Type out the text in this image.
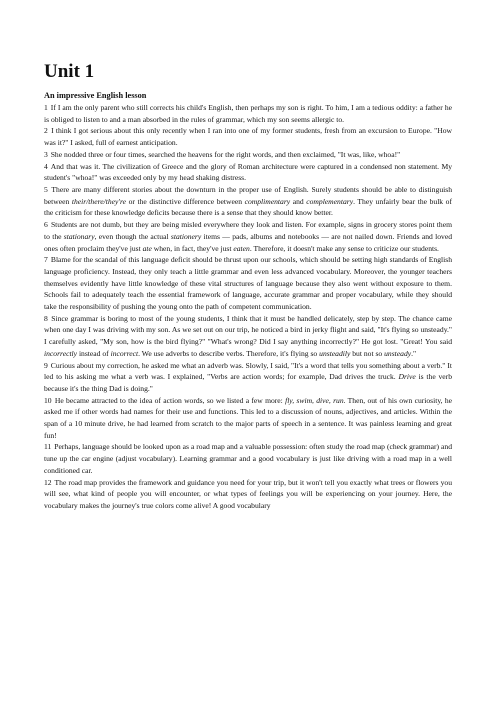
Unit 1
An impressive English lesson

1 If I am the only parent who still corrects his child's English, then perhaps my son is right. To him, I am a tedious oddity: a father he is obliged to listen to and a man absorbed in the rules of grammar, which my son seems allergic to.

2 I think I got serious about this only recently when I ran into one of my former students, fresh from an excursion to Europe. "How was it?" I asked, full of earnest anticipation.

3 She nodded three or four times, searched the heavens for the right words, and then exclaimed, "It was, like, whoa!"

4 And that was it. The civilization of Greece and the glory of Roman architecture were captured in a condensed non statement. My student's "whoa!" was exceeded only by my head shaking distress.

5 There are many different stories about the downturn in the proper use of English. Surely students should be able to distinguish between their/there/they're or the distinctive difference between complimentary and complementary. They unfairly bear the bulk of the criticism for these knowledge deficits because there is a sense that they should know better.

6 Students are not dumb, but they are being misled everywhere they look and listen. For example, signs in grocery stores point them to the stationary, even though the actual stationery items — pads, albums and notebooks — are not nailed down. Friends and loved ones often proclaim they've just ate when, in fact, they've just eaten. Therefore, it doesn't make any sense to criticize our students.

7 Blame for the scandal of this language deficit should be thrust upon our schools, which should be setting high standards of English language proficiency. Instead, they only teach a little grammar and even less advanced vocabulary. Moreover, the younger teachers themselves evidently have little knowledge of these vital structures of language because they also went without exposure to them. Schools fail to adequately teach the essential framework of language, accurate grammar and proper vocabulary, while they should take the responsibility of pushing the young onto the path of competent communication.

8 Since grammar is boring to most of the young students, I think that it must be handled delicately, step by step. The chance came when one day I was driving with my son. As we set out on our trip, he noticed a bird in jerky flight and said, "It's flying so unsteady." I carefully asked, "My son, how is the bird flying?" "What's wrong? Did I say anything incorrectly?" He got lost. "Great! You said incorrectly instead of incorrect. We use adverbs to describe verbs. Therefore, it's flying so unsteadily but not so unsteady."

9 Curious about my correction, he asked me what an adverb was. Slowly, I said, "It's a word that tells you something about a verb." It led to his asking me what a verb was. I explained, "Verbs are action words; for example, Dad drives the truck. Drive is the verb because it's the thing Dad is doing."

10 He became attracted to the idea of action words, so we listed a few more: fly, swim, dive, run. Then, out of his own curiosity, he asked me if other words had names for their use and functions. This led to a discussion of nouns, adjectives, and articles. Within the span of a 10 minute drive, he had learned from scratch to the major parts of speech in a sentence. It was painless learning and great fun!

11 Perhaps, language should be looked upon as a road map and a valuable possession: often study the road map (check grammar) and tune up the car engine (adjust vocabulary). Learning grammar and a good vocabulary is just like driving with a road map in a well conditioned car.

12 The road map provides the framework and guidance you need for your trip, but it won't tell you exactly what trees or flowers you will see, what kind of people you will encounter, or what types of feelings you will be experiencing on your journey. Here, the vocabulary makes the journey's true colors come alive! A good vocabulary
